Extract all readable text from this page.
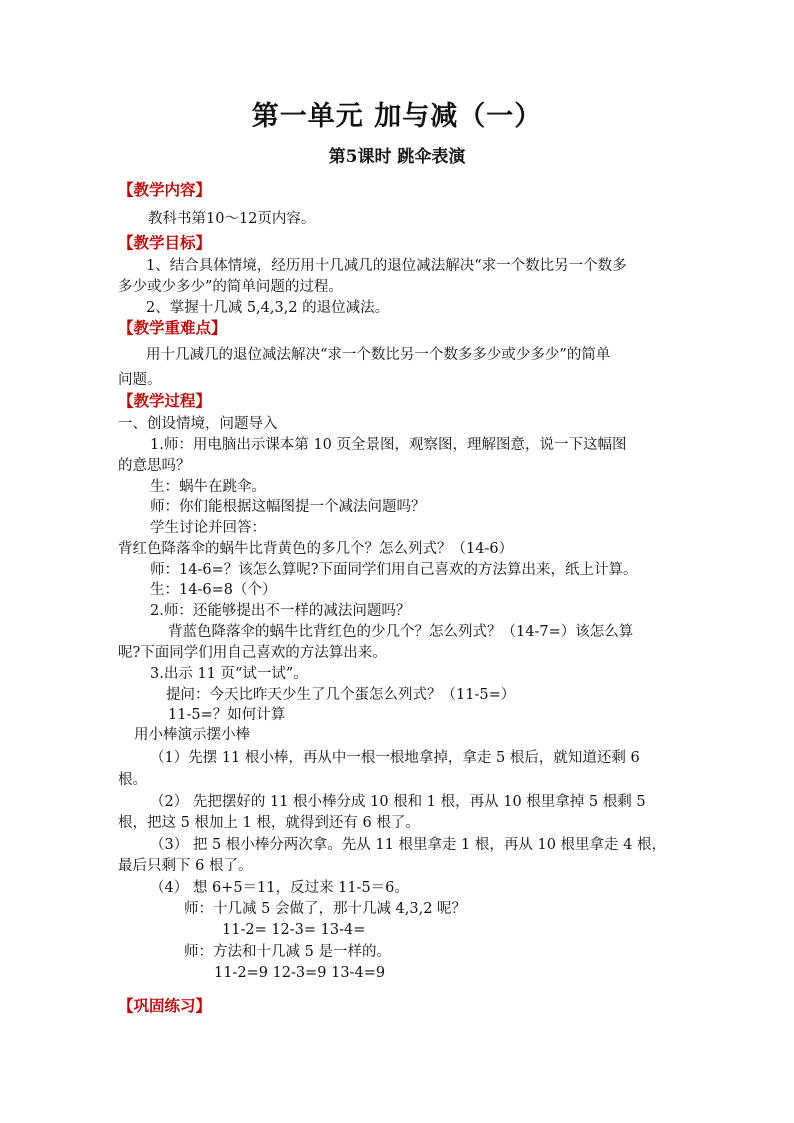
第一单元 加与减（一）
第5课时 跳伞表演
【教学内容】
教科书第10～12页内容。
【教学目标】
1、结合具体情境，经历用十几减几的退位减法解决“求一个数比另一个数多
多少或少多少”的简单问题的过程。
2、掌握十几减 5,4,3,2 的退位减法。
【教学重难点】
用十几减几的退位减法解决“求一个数比另一个数多多少或少多少”的简单
问题。
【教学过程】
一、创设情境，问题导入
1.师：用电脑出示课本第 10 页全景图，观察图，理解图意，说一下这幅图
的意思吗？
生：蜗牛在跳伞。
师：你们能根据这幅图提一个减法问题吗？
学生讨论并回答：
背红色降落伞的蜗牛比背黄色的多几个？怎么列式？（14-6）
师：14-6=？该怎么算呢?下面同学们用自己喜欢的方法算出来，纸上计算。
生：14-6=8（个）
2.师：还能够提出不一样的减法问题吗？
背蓝色降落伞的蜗牛比背红色的少几个？怎么列式？（14-7=）该怎么算
呢?下面同学们用自己喜欢的方法算出来。
3.出示 11 页“试一试”。
提问：今天比昨天少生了几个蛋怎么列式？（11-5=）
11-5=？如何计算
用小棒演示摆小棒
（1）先摆 11 根小棒，再从中一根一根地拿掉，拿走 5 根后，就知道还剩 6
根。
（2） 先把摆好的 11 根小棒分成 10 根和 1 根，再从 10 根里拿掉 5 根剩 5
根，把这 5 根加上 1 根，就得到还有 6 根了。
（3） 把 5 根小棒分两次拿。先从 11 根里拿走 1 根，再从 10 根里拿走 4 根，
最后只剩下 6 根了。
（4） 想 6+5＝11，反过来 11-5＝6。
师：十几减 5 会做了，那十几减 4,3,2 呢？
11-2= 12-3= 13-4=
师：方法和十几减 5 是一样的。
11-2=9 12-3=9 13-4=9
【巩固练习】
